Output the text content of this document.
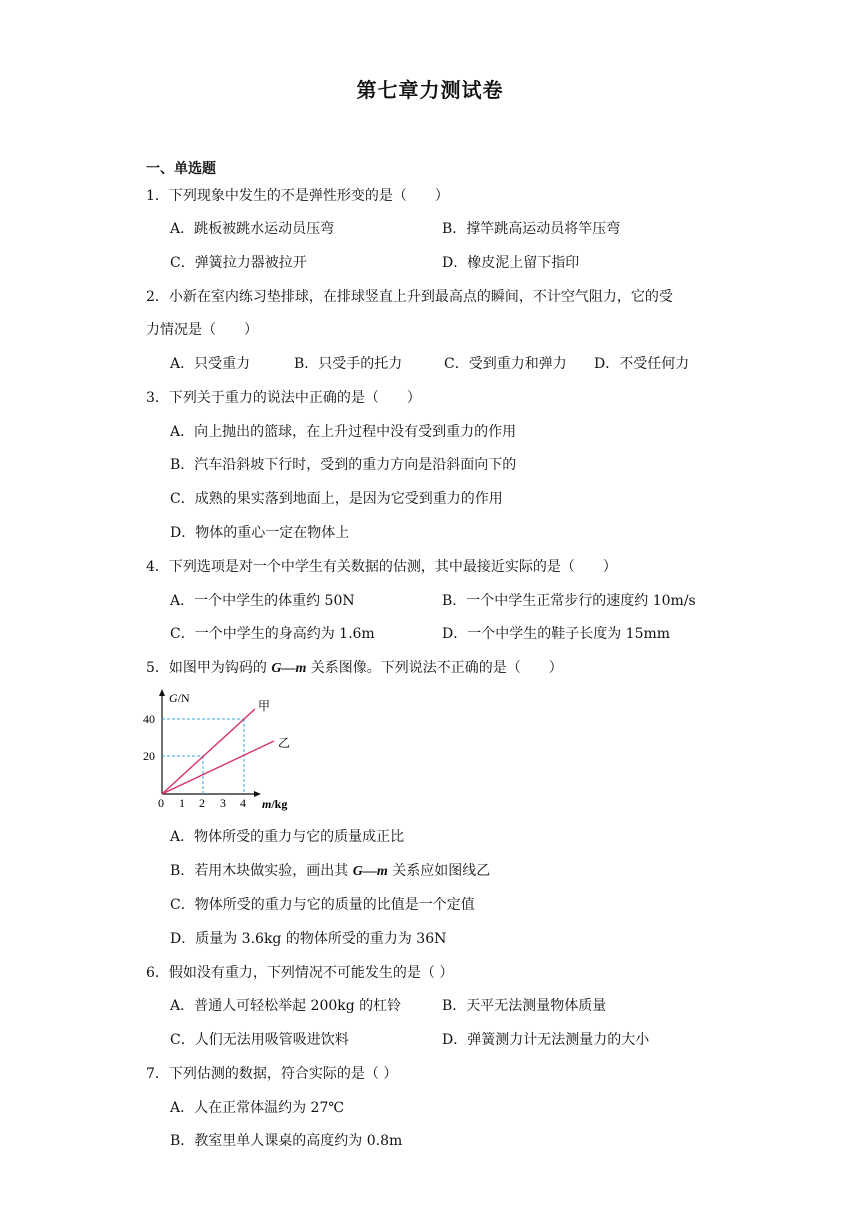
第七章力测试卷
一、单选题
1．下列现象中发生的不是弹性形变的是（　　）
A．跳板被跳水运动员压弯	B．撑竿跳高运动员将竿压弯
C．弹簧拉力器被拉开	D．橡皮泥上留下指印
2．小新在室内练习垫排球，在排球竖直上升到最高点的瞬间，不计空气阻力，它的受
力情况是（　　）
A．只受重力	B．只受手的托力	C．受到重力和弹力 D．不受任何力
3．下列关于重力的说法中正确的是（　　）
A．向上抛出的篮球，在上升过程中没有受到重力的作用
B．汽车沿斜坡下行时，受到的重力方向是沿斜面向下的
C．成熟的果实落到地面上，是因为它受到重力的作用
D．物体的重心一定在物体上
4．下列选项是对一个中学生有关数据的估测，其中最接近实际的是（　　）
A．一个中学生的体重约 50N	B．一个中学生正常步行的速度约 10m/s
C．一个中学生的身高约为 1.6m	D．一个中学生的鞋子长度为 15mm
5．如图甲为钩码的 G—m 关系图像。下列说法不正确的是（　　）
G/N
40
20
0 1 2 3 4 m/kg
甲
乙
A．物体所受的重力与它的质量成正比
B．若用木块做实验，画出其 G—m 关系应如图线乙
C．物体所受的重力与它的质量的比值是一个定值
D．质量为 3.6kg 的物体所受的重力为 36N
6．假如没有重力，下列情况不可能发生的是（ ）
A．普通人可轻松举起 200kg 的杠铃	B．天平无法测量物体质量
C．人们无法用吸管吸进饮料	D．弹簧测力计无法测量力的大小
7．下列估测的数据，符合实际的是（ ）
A．人在正常体温约为 27℃
B．教室里单人课桌的高度约为 0.8m
